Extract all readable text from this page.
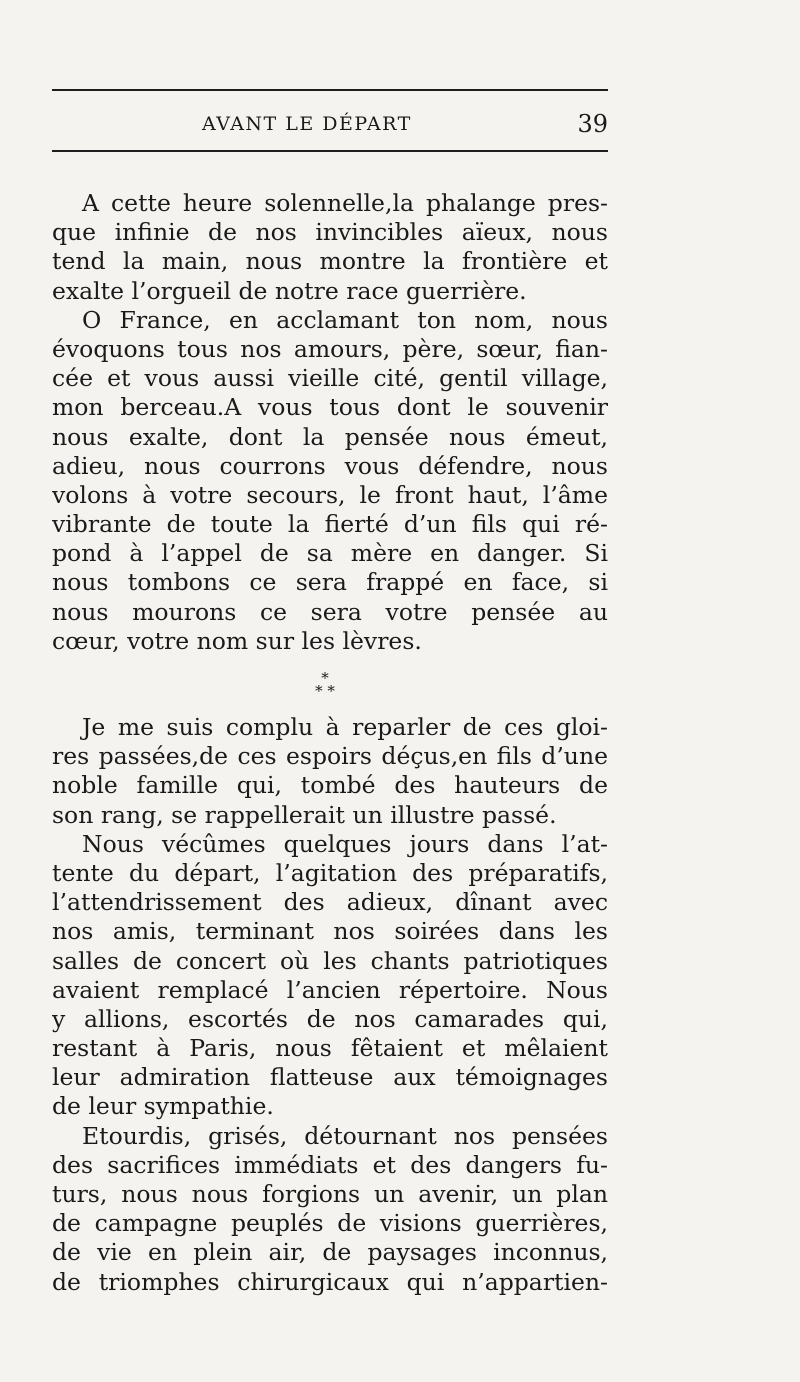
AVANT LE DÉPART	39
A cette heure solennelle,la phalange pres-
que infinie de nos invincibles aïeux, nous
tend la main, nous montre la frontière et
exalte l’orgueil de notre race guerrière.
O France, en acclamant ton nom, nous
évoquons tous nos amours, père, sœur, fian-
cée et vous aussi vieille cité, gentil village,
mon berceau.A vous tous dont le souvenir
nous exalte, dont la pensée nous émeut,
adieu, nous courrons vous défendre, nous
volons à votre secours, le front haut, l’âme
vibrante de toute la fierté d’un fils qui ré-
pond à l’appel de sa mère en danger. Si
nous tombons ce sera frappé en face, si
nous mourons ce sera votre pensée au
cœur, votre nom sur les lèvres.
*
* *
Je me suis complu à reparler de ces gloi-
res passées,de ces espoirs déçus,en fils d’une
noble famille qui, tombé des hauteurs de
son rang, se rappellerait un illustre passé.
Nous vécûmes quelques jours dans l’at-
tente du départ, l’agitation des préparatifs,
l’attendrissement des adieux, dînant avec
nos amis, terminant nos soirées dans les
salles de concert où les chants patriotiques
avaient remplacé l’ancien répertoire. Nous
y allions, escortés de nos camarades qui,
restant à Paris, nous fêtaient et mêlaient
leur admiration flatteuse aux témoignages
de leur sympathie.
Etourdis, grisés, détournant nos pensées
des sacrifices immédiats et des dangers fu-
turs, nous nous forgions un avenir, un plan
de campagne peuplés de visions guerrières,
de vie en plein air, de paysages inconnus,
de triomphes chirurgicaux qui n’appartien-
